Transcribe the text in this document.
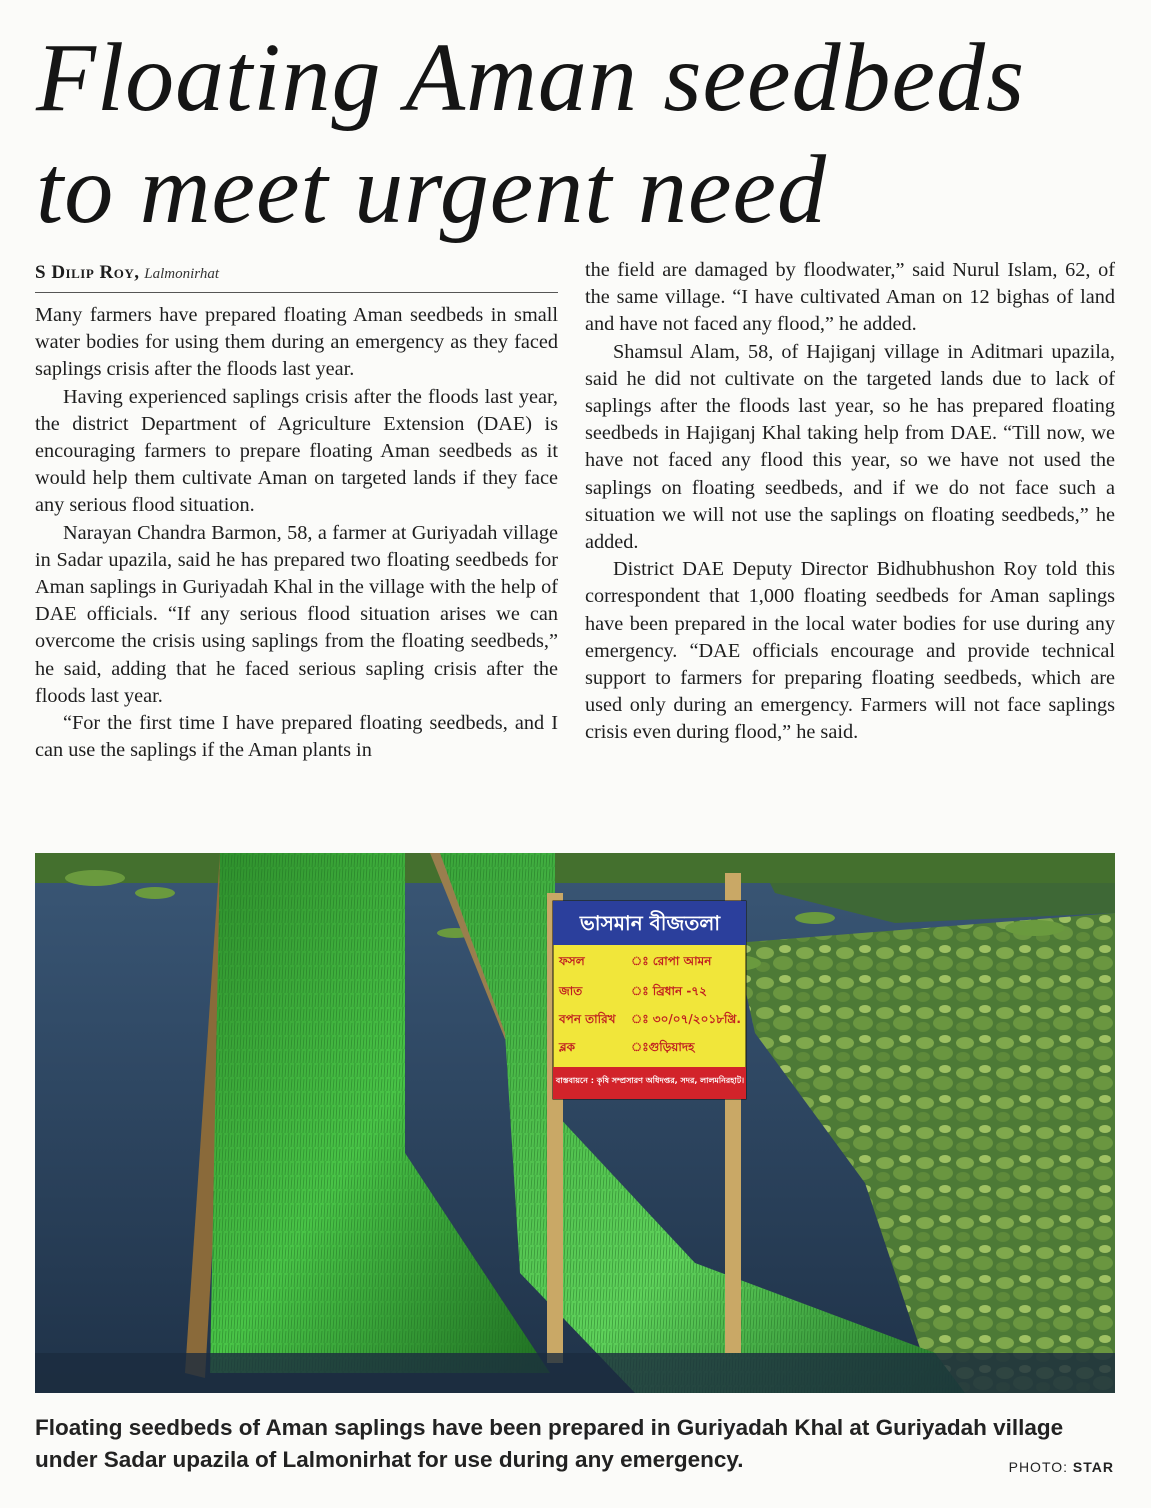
Floating Aman seedbeds to meet urgent need
S Dilip Roy, Lalmonirhat

Many farmers have prepared floating Aman seedbeds in small water bodies for using them during an emergency as they faced saplings crisis after the floods last year.

Having experienced saplings crisis after the floods last year, the district Department of Agriculture Extension (DAE) is encouraging farmers to prepare floating Aman seedbeds as it would help them cultivate Aman on targeted lands if they face any serious flood situation.

Narayan Chandra Barmon, 58, a farmer at Guriyadah village in Sadar upazila, said he has prepared two floating seedbeds for Aman saplings in Guriyadah Khal in the village with the help of DAE officials. “If any serious flood situation arises we can overcome the crisis using saplings from the floating seedbeds,” he said, adding that he faced serious sapling crisis after the floods last year.

“For the first time I have prepared floating seedbeds, and I can use the saplings if the Aman plants in

the field are damaged by floodwater,” said Nurul Islam, 62, of the same village. “I have cultivated Aman on 12 bighas of land and have not faced any flood,” he added.

Shamsul Alam, 58, of Hajiganj village in Aditmari upazila, said he did not cultivate on the targeted lands due to lack of saplings after the floods last year, so he has prepared floating seedbeds in Hajiganj Khal taking help from DAE. “Till now, we have not faced any flood this year, so we have not used the saplings on floating seedbeds, and if we do not face such a situation we will not use the saplings on floating seedbeds,” he added.

District DAE Deputy Director Bidhubhushon Roy told this correspondent that 1,000 floating seedbeds for Aman saplings have been prepared in the local water bodies for use during any emergency. “DAE officials encourage and provide technical support to farmers for preparing floating seedbeds, which are used only during an emergency. Farmers will not face saplings crisis even during flood,” he said.

ভাসমান বীজতলা
ফসল	ঃ রোপা আমন
জাত	ঃ ব্রিধান -৭২
বপন তারিখ ঃ ৩০/০৭/২০১৮খ্রি.
ব্লক	ঃগুড়িয়াদহ
বাস্তবায়নে : কৃষি সম্প্রসারণ অধিদপ্তর, সদর, লালমনিরহাট।
Floating seedbeds of Aman saplings have been prepared in Guriyadah Khal at Guriyadah village under Sadar upazila of Lalmonirhat for use during any emergency.	PHOTO: STAR
